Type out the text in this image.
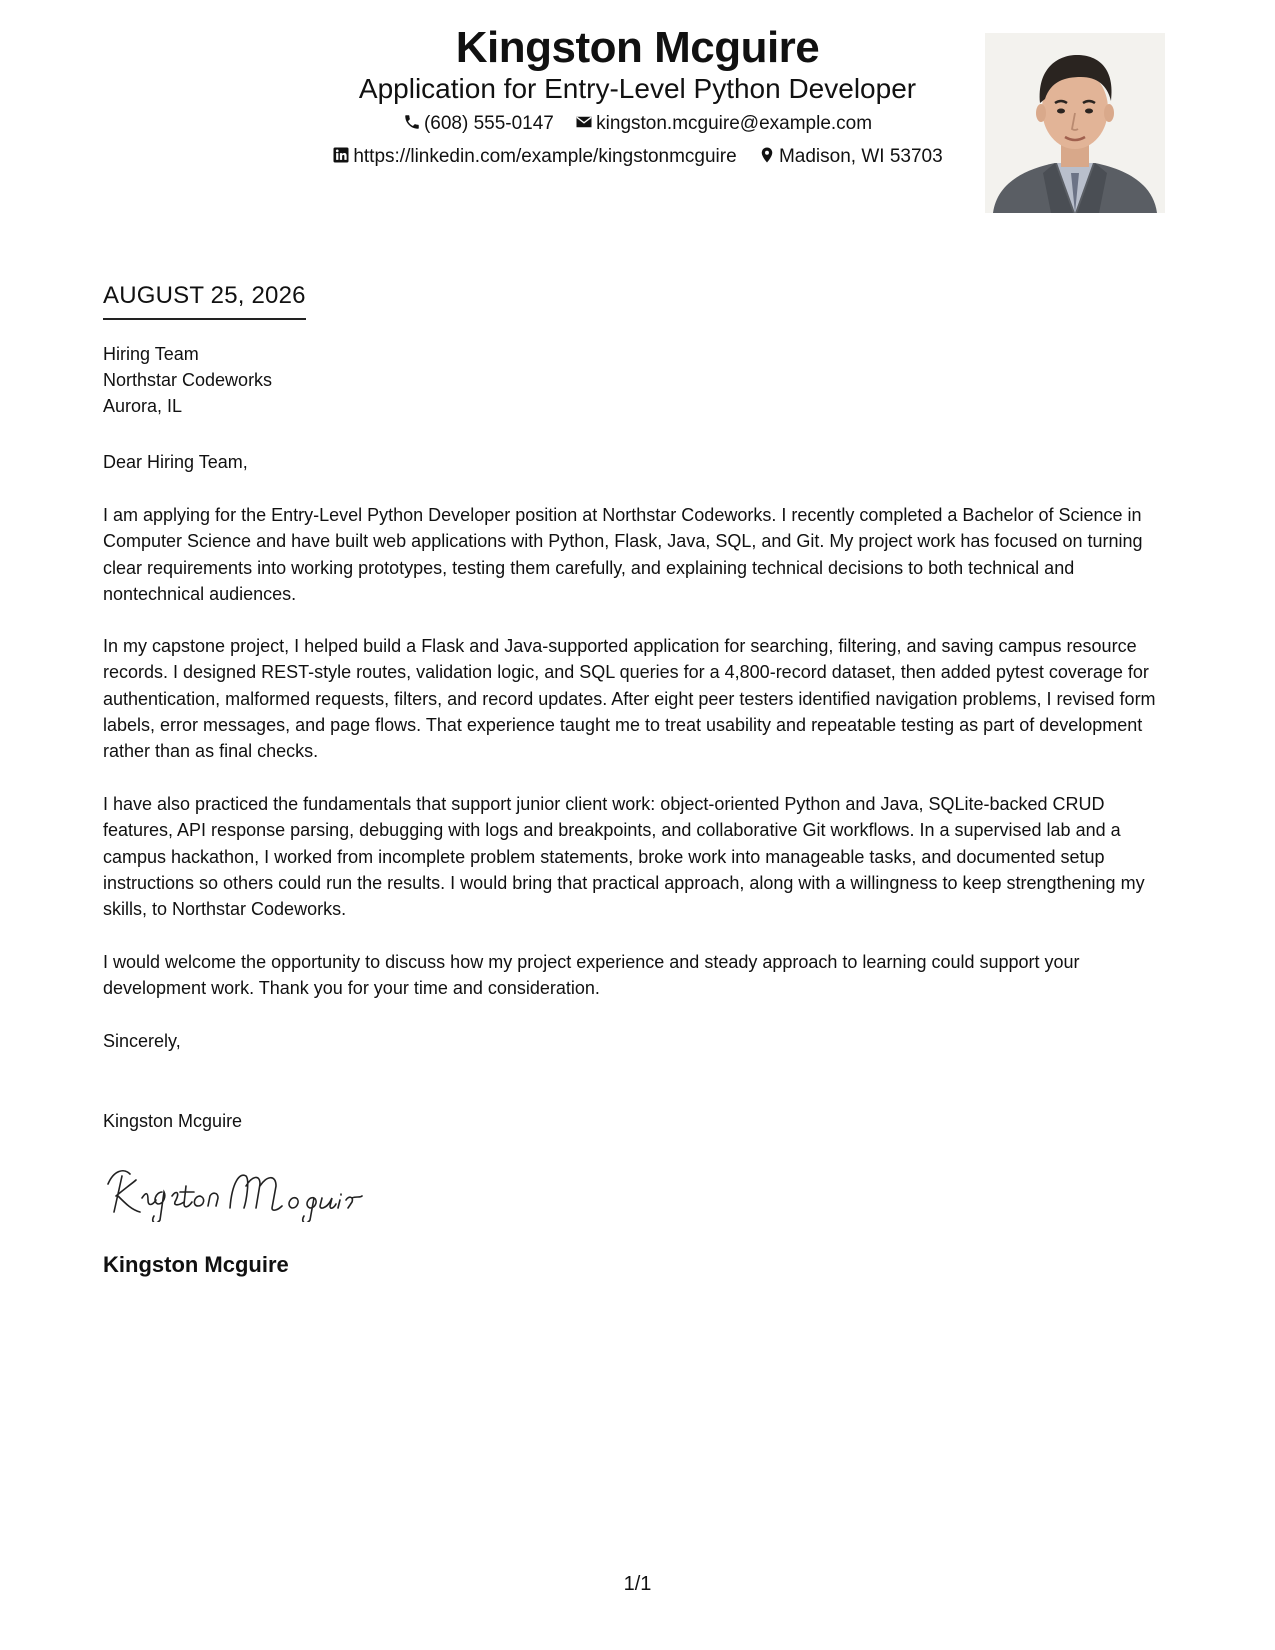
Kingston Mcguire
Application for Entry-Level Python Developer
(608) 555-0147 kingston.mcguire@example.com
https://linkedin.com/example/kingstonmcguire Madison, WI 53703
AUGUST 25, 2026
Hiring Team
Northstar Codeworks
Aurora, IL
Dear Hiring Team,

I am applying for the Entry-Level Python Developer position at Northstar Codeworks. I recently completed a Bachelor of Science in Computer Science and have built web applications with Python, Flask, Java, SQL, and Git. My project work has focused on turning clear requirements into working prototypes, testing them carefully, and explaining technical decisions to both technical and nontechnical audiences.

In my capstone project, I helped build a Flask and Java-supported application for searching, filtering, and saving campus resource records. I designed REST-style routes, validation logic, and SQL queries for a 4,800-record dataset, then added pytest coverage for authentication, malformed requests, filters, and record updates. After eight peer testers identified navigation problems, I revised form labels, error messages, and page flows. That experience taught me to treat usability and repeatable testing as part of development rather than as final checks.

I have also practiced the fundamentals that support junior client work: object-oriented Python and Java, SQLite-backed CRUD features, API response parsing, debugging with logs and breakpoints, and collaborative Git workflows. In a supervised lab and a campus hackathon, I worked from incomplete problem statements, broke work into manageable tasks, and documented setup instructions so others could run the results. I would bring that practical approach, along with a willingness to keep strengthening my skills, to Northstar Codeworks.

I would welcome the opportunity to discuss how my project experience and steady approach to learning could support your development work. Thank you for your time and consideration.

Sincerely,
Kingston Mcguire
Kingston Mcguire
1/1
